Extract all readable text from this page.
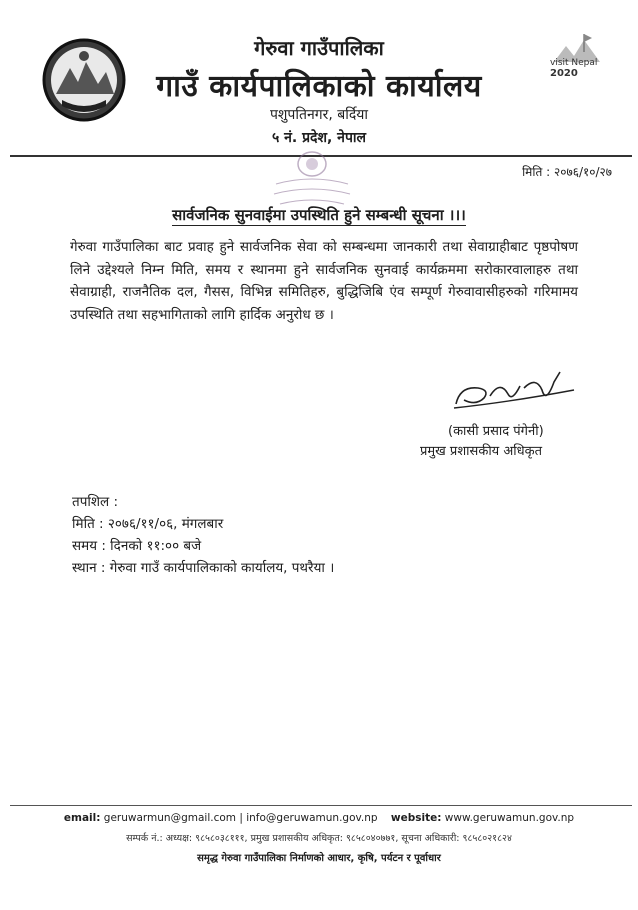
visit Nepal
2020
गेरुवा गाउँपालिका
गाउँ कार्यपालिकाको कार्यालय
पशुपतिनगर, बर्दिया
५ नं. प्रदेश, नेपाल
मिति : २०७६/१०/२७
सार्वजनिक सुनवाईमा उपस्थिति हुने सम्बन्धी सूचना ।।।
गेरुवा गाउँपालिका बाट प्रवाह हुने सार्वजनिक सेवा को सम्बन्धमा जानकारी तथा सेवाग्राहीबाट पृष्ठपोषण लिने उद्देश्यले निम्न मिति, समय र स्थानमा हुने सार्वजनिक सुनवाई कार्यक्रममा सरोकारवालाहरु तथा सेवाग्राही, राजनैतिक दल, गैसस, विभिन्न समितिहरु, बुद्धिजिबि एंव सम्पूर्ण गेरुवावासीहरुको गरिमामय उपस्थिति तथा सहभागिताको लागि हार्दिक अनुरोध छ ।
(कासी प्रसाद पंगेनी)
प्रमुख प्रशासकीय अधिकृत
तपशिल :
मिति : २०७६/११/०६, मंगलबार
समय : दिनको ११:०० बजे
स्थान : गेरुवा गाउँ कार्यपालिकाको कार्यालय, पथरैया ।
email: geruwarmun@gmail.com | info@geruwamun.gov.np website: www.geruwamun.gov.np
सम्पर्क नं.: अध्यक्ष: ९८५८०३८१११, प्रमुख प्रशासकीय अधिकृत: ९८५८०४०७७१, सूचना अधिकारी: ९८५८०२१८२४
समृद्ध गेरुवा गाउँपालिका निर्माणको आधार, कृषि, पर्यटन र पूर्वाधार
